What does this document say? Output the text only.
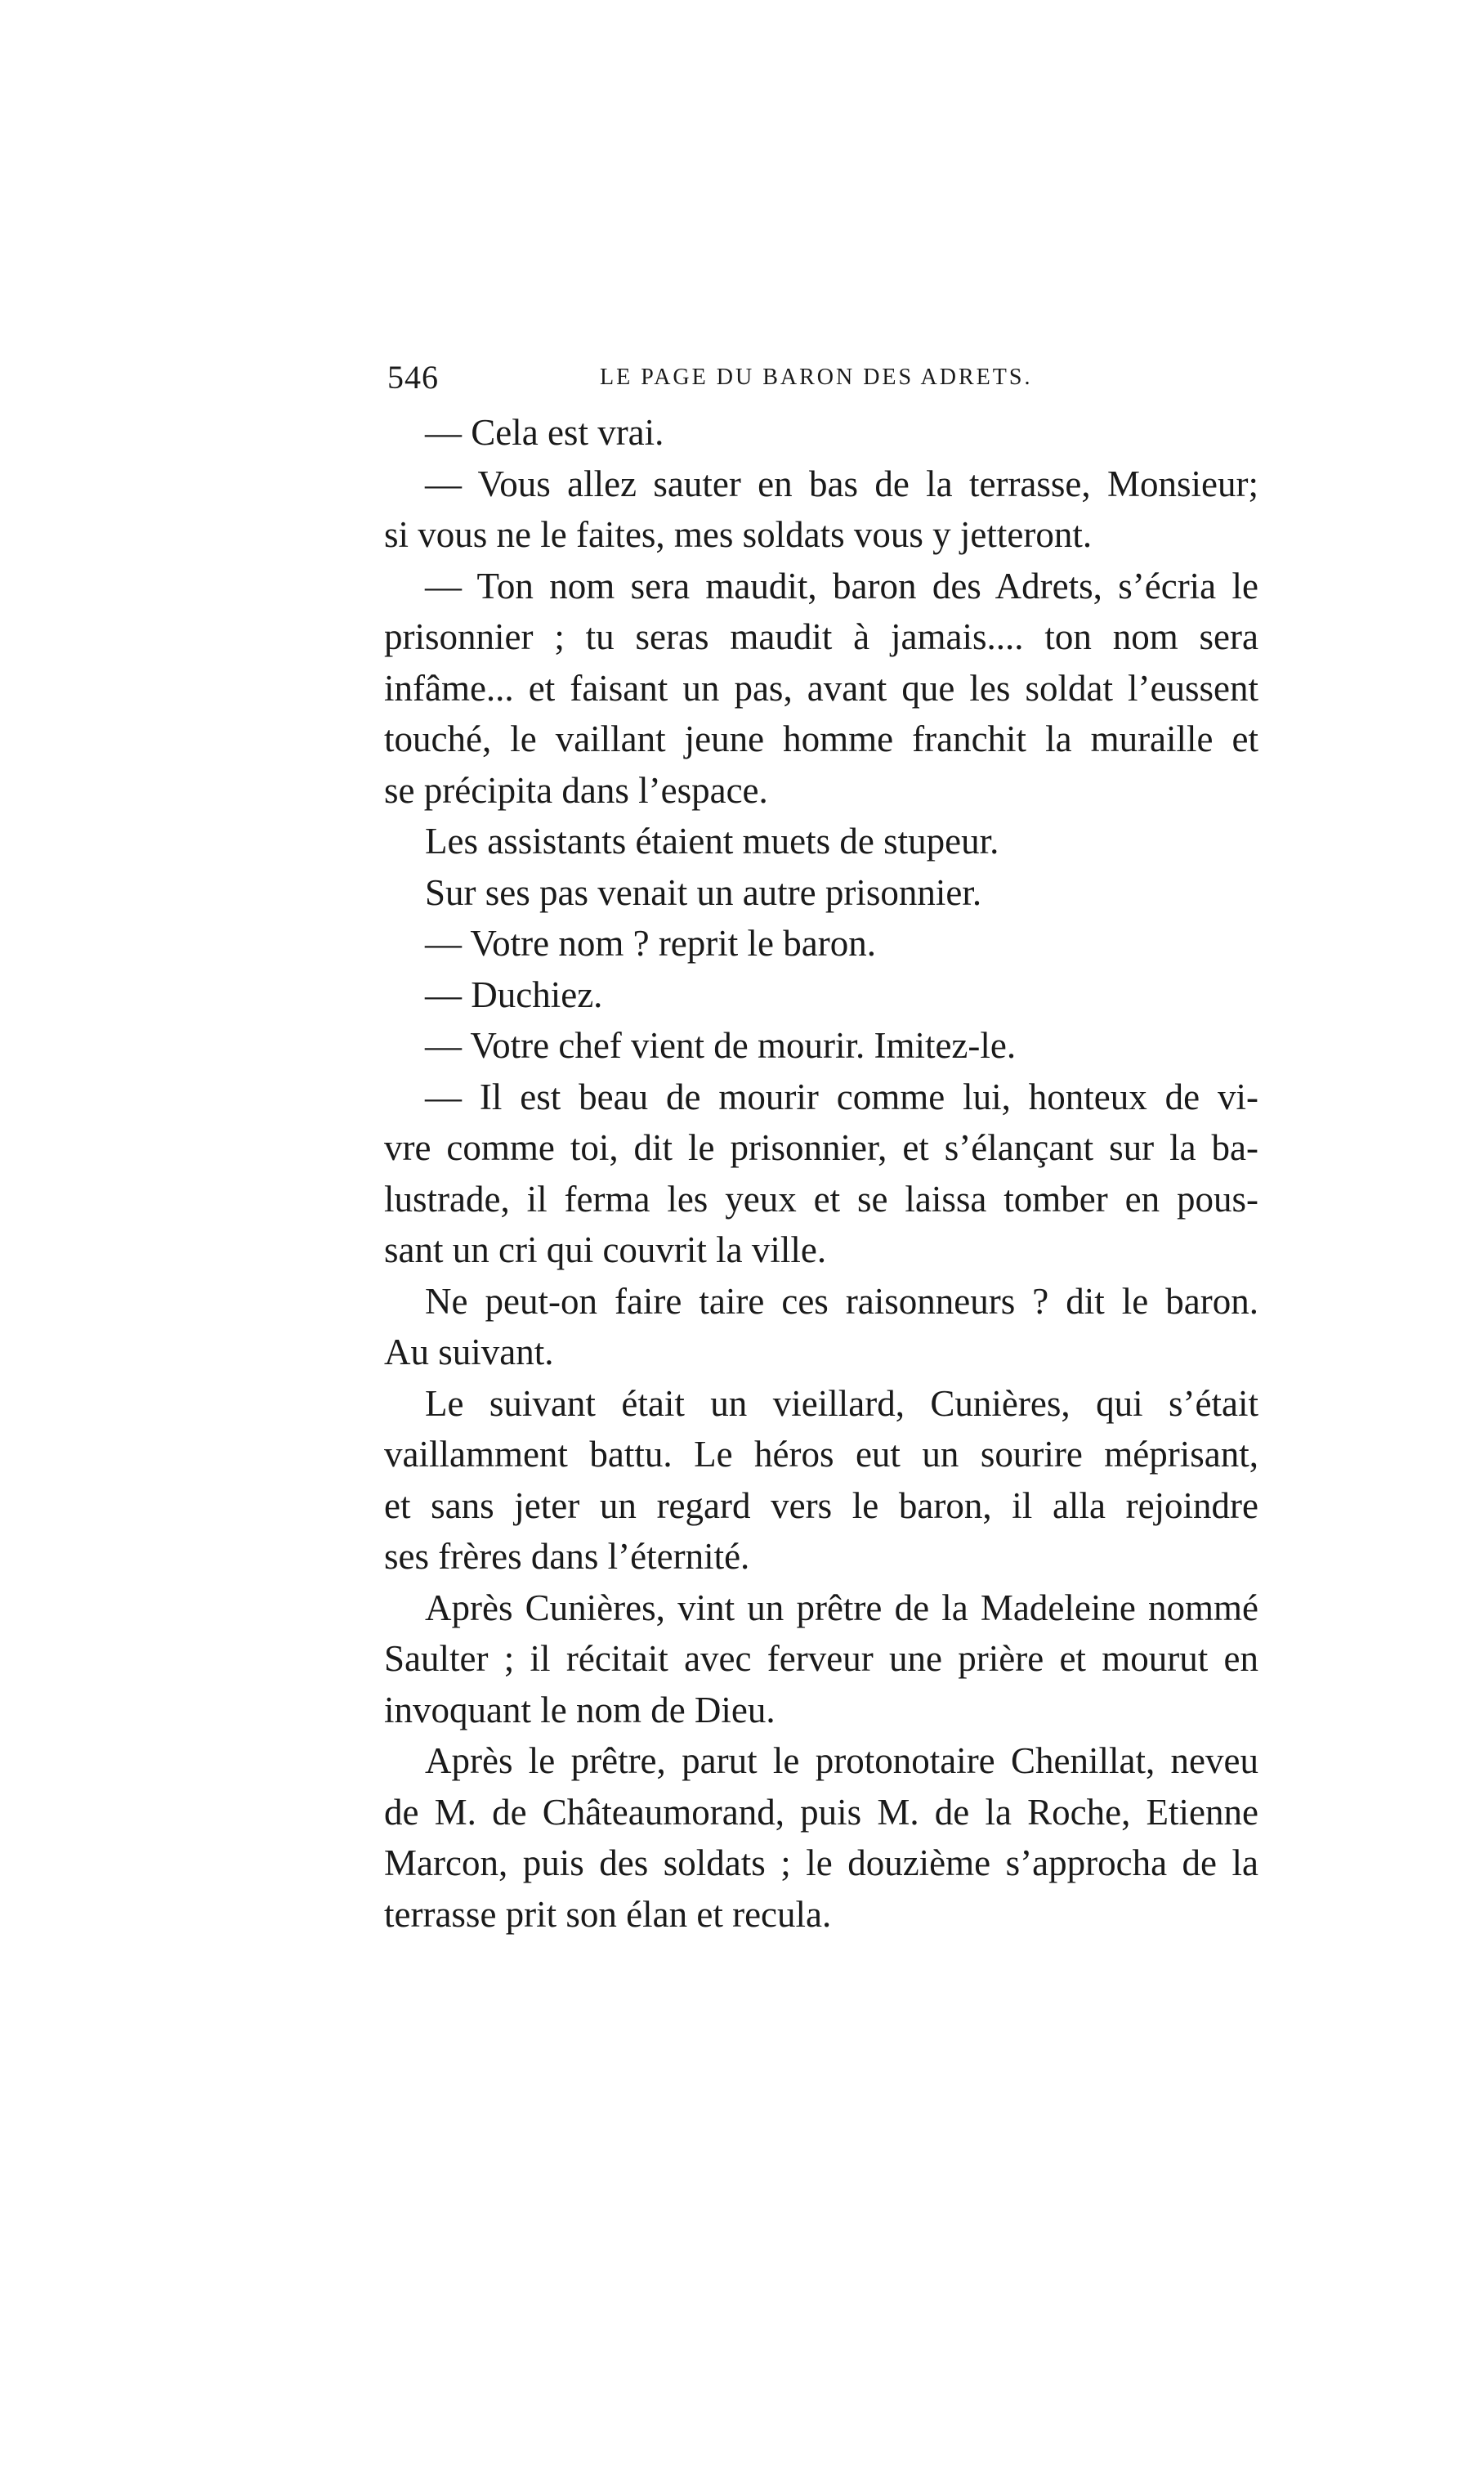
546	LE PAGE DU BARON DES ADRETS.
— Cela est vrai.
— Vous allez sauter en bas de la terrasse, Monsieur;
si vous ne le faites, mes soldats vous y jetteront.
— Ton nom sera maudit, baron des Adrets, s’écria le
prisonnier ; tu seras maudit à jamais.... ton nom sera
infâme... et faisant un pas, avant que les soldat l’eussent
touché, le vaillant jeune homme franchit la muraille et
se précipita dans l’espace.
Les assistants étaient muets de stupeur.
Sur ses pas venait un autre prisonnier.
— Votre nom ? reprit le baron.
— Duchiez.
— Votre chef vient de mourir. Imitez-le.
— Il est beau de mourir comme lui, honteux de vi-
vre comme toi, dit le prisonnier, et s’élançant sur la ba-
lustrade, il ferma les yeux et se laissa tomber en pous-
sant un cri qui couvrit la ville.
Ne peut-on faire taire ces raisonneurs ? dit le baron.
Au suivant.
Le suivant était un vieillard, Cunières, qui s’était
vaillamment battu. Le héros eut un sourire méprisant,
et sans jeter un regard vers le baron, il alla rejoindre
ses frères dans l’éternité.
Après Cunières, vint un prêtre de la Madeleine nommé
Saulter ; il récitait avec ferveur une prière et mourut en
invoquant le nom de Dieu.
Après le prêtre, parut le protonotaire Chenillat, neveu
de M. de Châteaumorand, puis M. de la Roche, Etienne
Marcon, puis des soldats ; le douzième s’approcha de la
terrasse prit son élan et recula.
